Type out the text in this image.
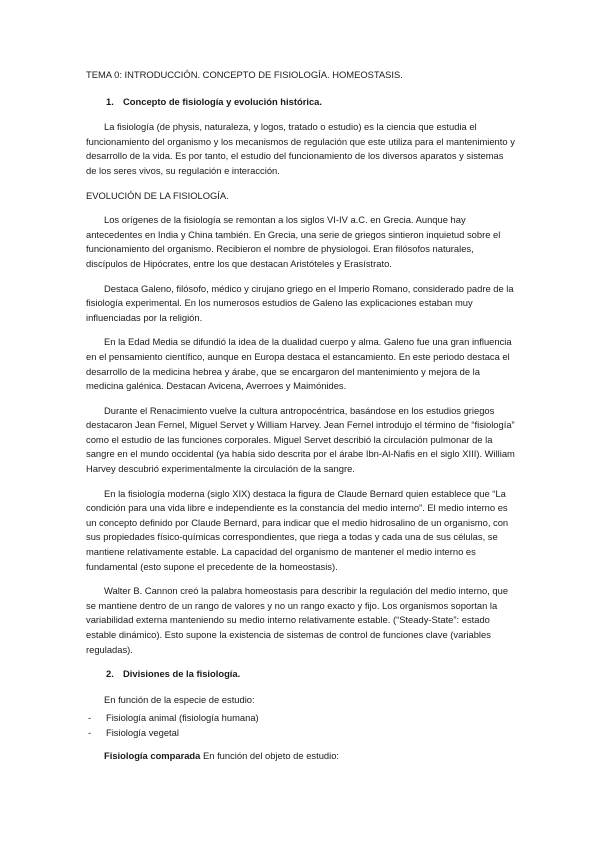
TEMA 0: INTRODUCCIÓN. CONCEPTO DE FISIOLOGÍA. HOMEOSTASIS.

1. Concepto de fisiología y evolución histórica.

La fisiología (de physis, naturaleza, y logos, tratado o estudio) es la ciencia que estudia el funcionamiento del organismo y los mecanismos de regulación que este utiliza para el mantenimiento y desarrollo de la vida. Es por tanto, el estudio del funcionamiento de los diversos aparatos y sistemas de los seres vivos, su regulación e interacción.

EVOLUCIÓN DE LA FISIOLOGÍA.

Los orígenes de la fisiología se remontan a los siglos VI-IV a.C. en Grecia. Aunque hay antecedentes en India y China también. En Grecia, una serie de griegos sintieron inquietud sobre el funcionamiento del organismo. Recibieron el nombre de physiologoi. Eran filósofos naturales, discípulos de Hipócrates, entre los que destacan Aristóteles y Erasístrato.

Destaca Galeno, filósofo, médico y cirujano griego en el Imperio Romano, considerado padre de la fisiología experimental. En los numerosos estudios de Galeno las explicaciones estaban muy influenciadas por la religión.

En la Edad Media se difundió la idea de la dualidad cuerpo y alma. Galeno fue una gran influencia en el pensamiento científico, aunque en Europa destaca el estancamiento. En este periodo destaca el desarrollo de la medicina hebrea y árabe, que se encargaron del mantenimiento y mejora de la medicina galénica. Destacan Avicena, Averroes y Maimónides.

Durante el Renacimiento vuelve la cultura antropocéntrica, basándose en los estudios griegos destacaron Jean Fernel, Miguel Servet y William Harvey. Jean Fernel introdujo el término de “fisiología” como el estudio de las funciones corporales. Miguel Servet describió la circulación pulmonar de la sangre en el mundo occidental (ya había sido descrita por el árabe Ibn-Al-Nafis en el siglo XIII). William Harvey descubrió experimentalmente la circulación de la sangre.

En la fisiología moderna (siglo XIX) destaca la figura de Claude Bernard quien establece que “La condición para una vida libre e independiente es la constancia del medio interno”. El medio interno es un concepto definido por Claude Bernard, para indicar que el medio hidrosalino de un organismo, con sus propiedades físico-químicas correspondientes, que riega a todas y cada una de sus células, se mantiene relativamente estable. La capacidad del organismo de mantener el medio interno es fundamental (esto supone el precedente de la homeostasis).

Walter B. Cannon creó la palabra homeostasis para describir la regulación del medio interno, que se mantiene dentro de un rango de valores y no un rango exacto y fijo. Los organismos soportan la variabilidad externa manteniendo su medio interno relativamente estable. (“Steady-State”: estado estable dinámico). Esto supone la existencia de sistemas de control de funciones clave (variables reguladas).

2. Divisiones de la fisiología.

En función de la especie de estudio:

- Fisiología animal (fisiología humana)

- Fisiología vegetal

Fisiología comparada En función del objeto de estudio:
